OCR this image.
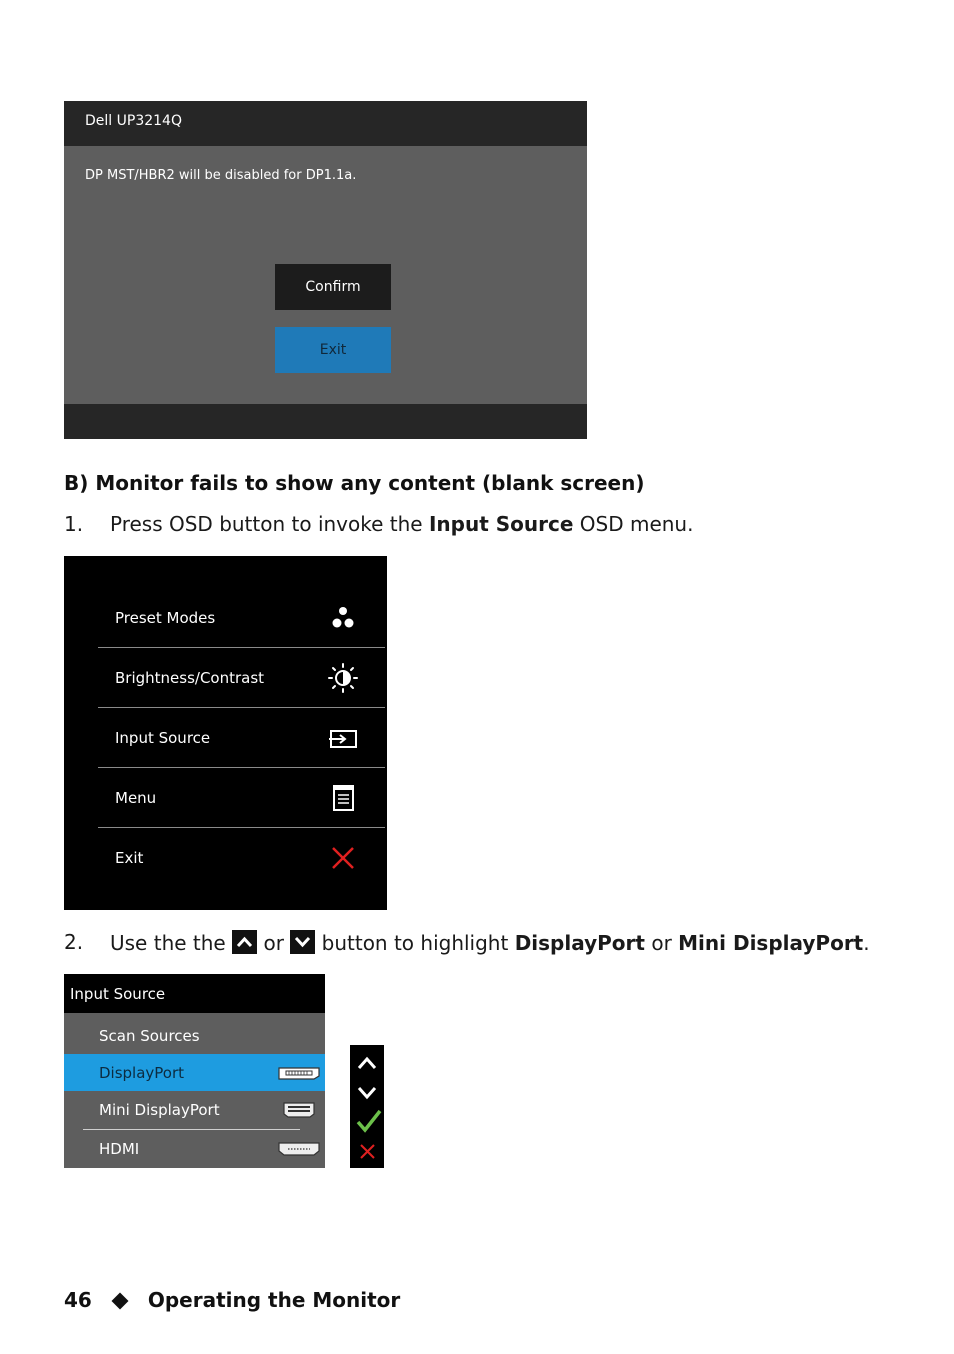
Dell UP3214Q
DP MST/HBR2 will be disabled for DP1.1a.
Confirm
Exit
B) Monitor fails to show any content (blank screen)
1. Press OSD button to invoke the Input Source OSD menu.
Preset Modes
Brightness/Contrast
Input Source
Menu
Exit
2. Use the the
or
button to highlight DisplayPort or Mini DisplayPort.
Input Source
Scan Sources
DisplayPort
Mini DisplayPort
HDMI
46	Operating the Monitor
